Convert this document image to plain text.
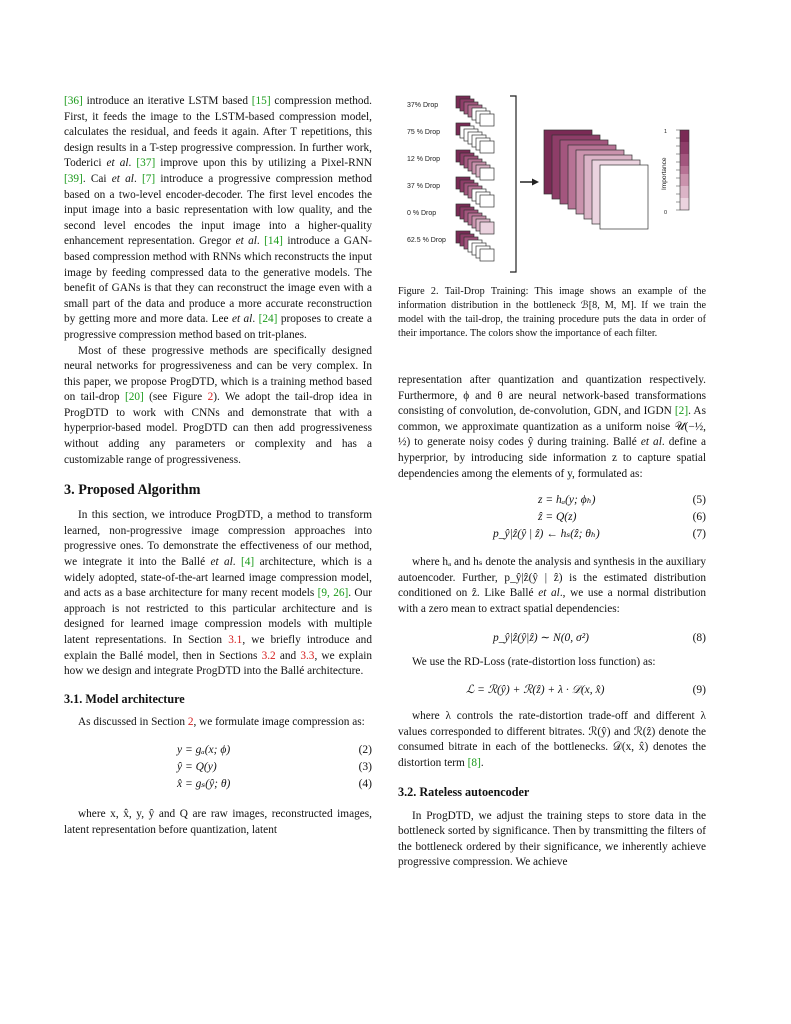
[36] introduce an iterative LSTM based [15] compression method. First, it feeds the image to the LSTM-based compression model, calculates the residual, and feeds it again. After T repetitions, this design results in a T-step progressive compression. In further work, Toderici et al. [37] improve upon this by utilizing a Pixel-RNN [39]. Cai et al. [7] introduce a progressive compression method based on a two-level encoder-decoder. The first level encodes the input image into a basic representation with low quality, and the second level encodes the input image into a higher-quality enhancement representation. Gregor et al. [14] introduce a GAN-based compression method with RNNs which reconstructs the input image by feeding compressed data to the generative models. The benefit of GANs is that they can reconstruct the image even with a small part of the data and produce a more accurate reconstruction by getting more and more data. Lee et al. [24] proposes to create a progressive compression method based on trit-planes.

Most of these progressive methods are specifically designed neural networks for progressiveness and can be very complex. In this paper, we propose ProgDTD, which is a training method based on tail-drop [20] (see Figure 2). We adopt the tail-drop idea in ProgDTD to work with CNNs and demonstrate that with a hyperprior-based model. ProgDTD can then add progressiveness without adding any parameters or complexity and has a customizable range of progressiveness.

3. Proposed Algorithm

In this section, we introduce ProgDTD, a method to transform learned, non-progressive image compression approaches into progressive ones. To demonstrate the effectiveness of our method, we integrate it into the Ballé et al. [4] architecture, which is a widely adopted, state-of-the-art learned image compression model, and acts as a base architecture for many recent models [9, 26]. Our approach is not restricted to this particular architecture and is designed for learned image compression models with multiple latent representations. In Section 3.1, we briefly introduce and explain the Ballé model, then in Sections 3.2 and 3.3, we explain how we design and integrate ProgDTD into the Ballé architecture.

3.1. Model architecture

As discussed in Section 2, we formulate image compression as:

y = gₐ(x; ϕ)	(2)
ŷ = Q(y)	(3)
x̂ = gₛ(ŷ; θ)	(4)

where x, x̂, y, ŷ and Q are raw images, reconstructed images, latent representation before quantization, latent

37% Drop
75 % Drop
12 % Drop
37 % Drop
0 % Drop
62.5 % Drop
Importance
1
0

Figure 2. Tail-Drop Training: This image shows an example of the information distribution in the bottleneck ℬ[8, M, M]. If we train the model with the tail-drop, the training procedure puts the data in order of their importance. The colors show the importance of each filter.

representation after quantization and quantization respectively. Furthermore, ϕ and θ are neural network-based transformations consisting of convolution, de-convolution, GDN, and IGDN [2]. As common, we approximate quantization as a uniform noise 𝒰(−½, ½) to generate noisy codes ŷ during training. Ballé et al. define a hyperprior, by introducing side information z to capture spatial dependencies among the elements of y, formulated as:

z = hₐ(y; ϕₕ)	(5)
ẑ = Q(z)	(6)
p_ŷ|ẑ(ŷ | ẑ) ← hₛ(ẑ; θₕ)	(7)

where hₐ and hₛ denote the analysis and synthesis in the auxiliary autoencoder. Further, p_ŷ|ẑ(ŷ | ẑ) is the estimated distribution conditioned on ẑ. Like Ballé et al., we use a normal distribution with a zero mean to extract spatial dependencies:

p_ŷ|ẑ(ŷ|ẑ) ∼ N(0, σ²)	(8)

We use the RD-Loss (rate-distortion loss function) as:

ℒ = ℛ(ŷ) + ℛ(ẑ) + λ · 𝒟(x, x̂)	(9)

where λ controls the rate-distortion trade-off and different λ values corresponded to different bitrates. ℛ(ŷ) and ℛ(ẑ) denote the consumed bitrate in each of the bottlenecks. 𝒟(x, x̂) denotes the distortion term [8].

3.2. Rateless autoencoder

In ProgDTD, we adjust the training steps to store data in the bottleneck sorted by significance. Then by transmitting the filters of the bottleneck ordered by their significance, we inherently achieve progressive compression. We achieve
